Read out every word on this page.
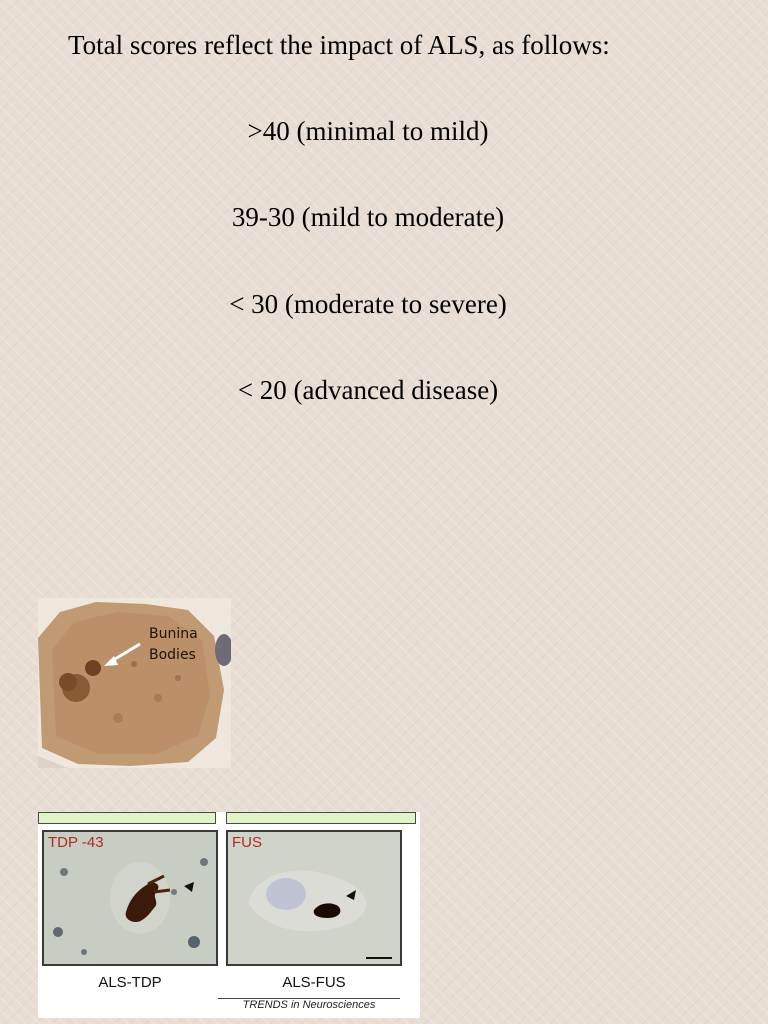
Total scores reflect the impact of ALS, as follows:
>40 (minimal to mild)
39-30 (mild to moderate)
< 30 (moderate to severe)
< 20 (advanced disease)
Bunina
Bodies
TDP -43	FUS
ALS-TDP	ALS-FUS
TRENDS in Neurosciences
